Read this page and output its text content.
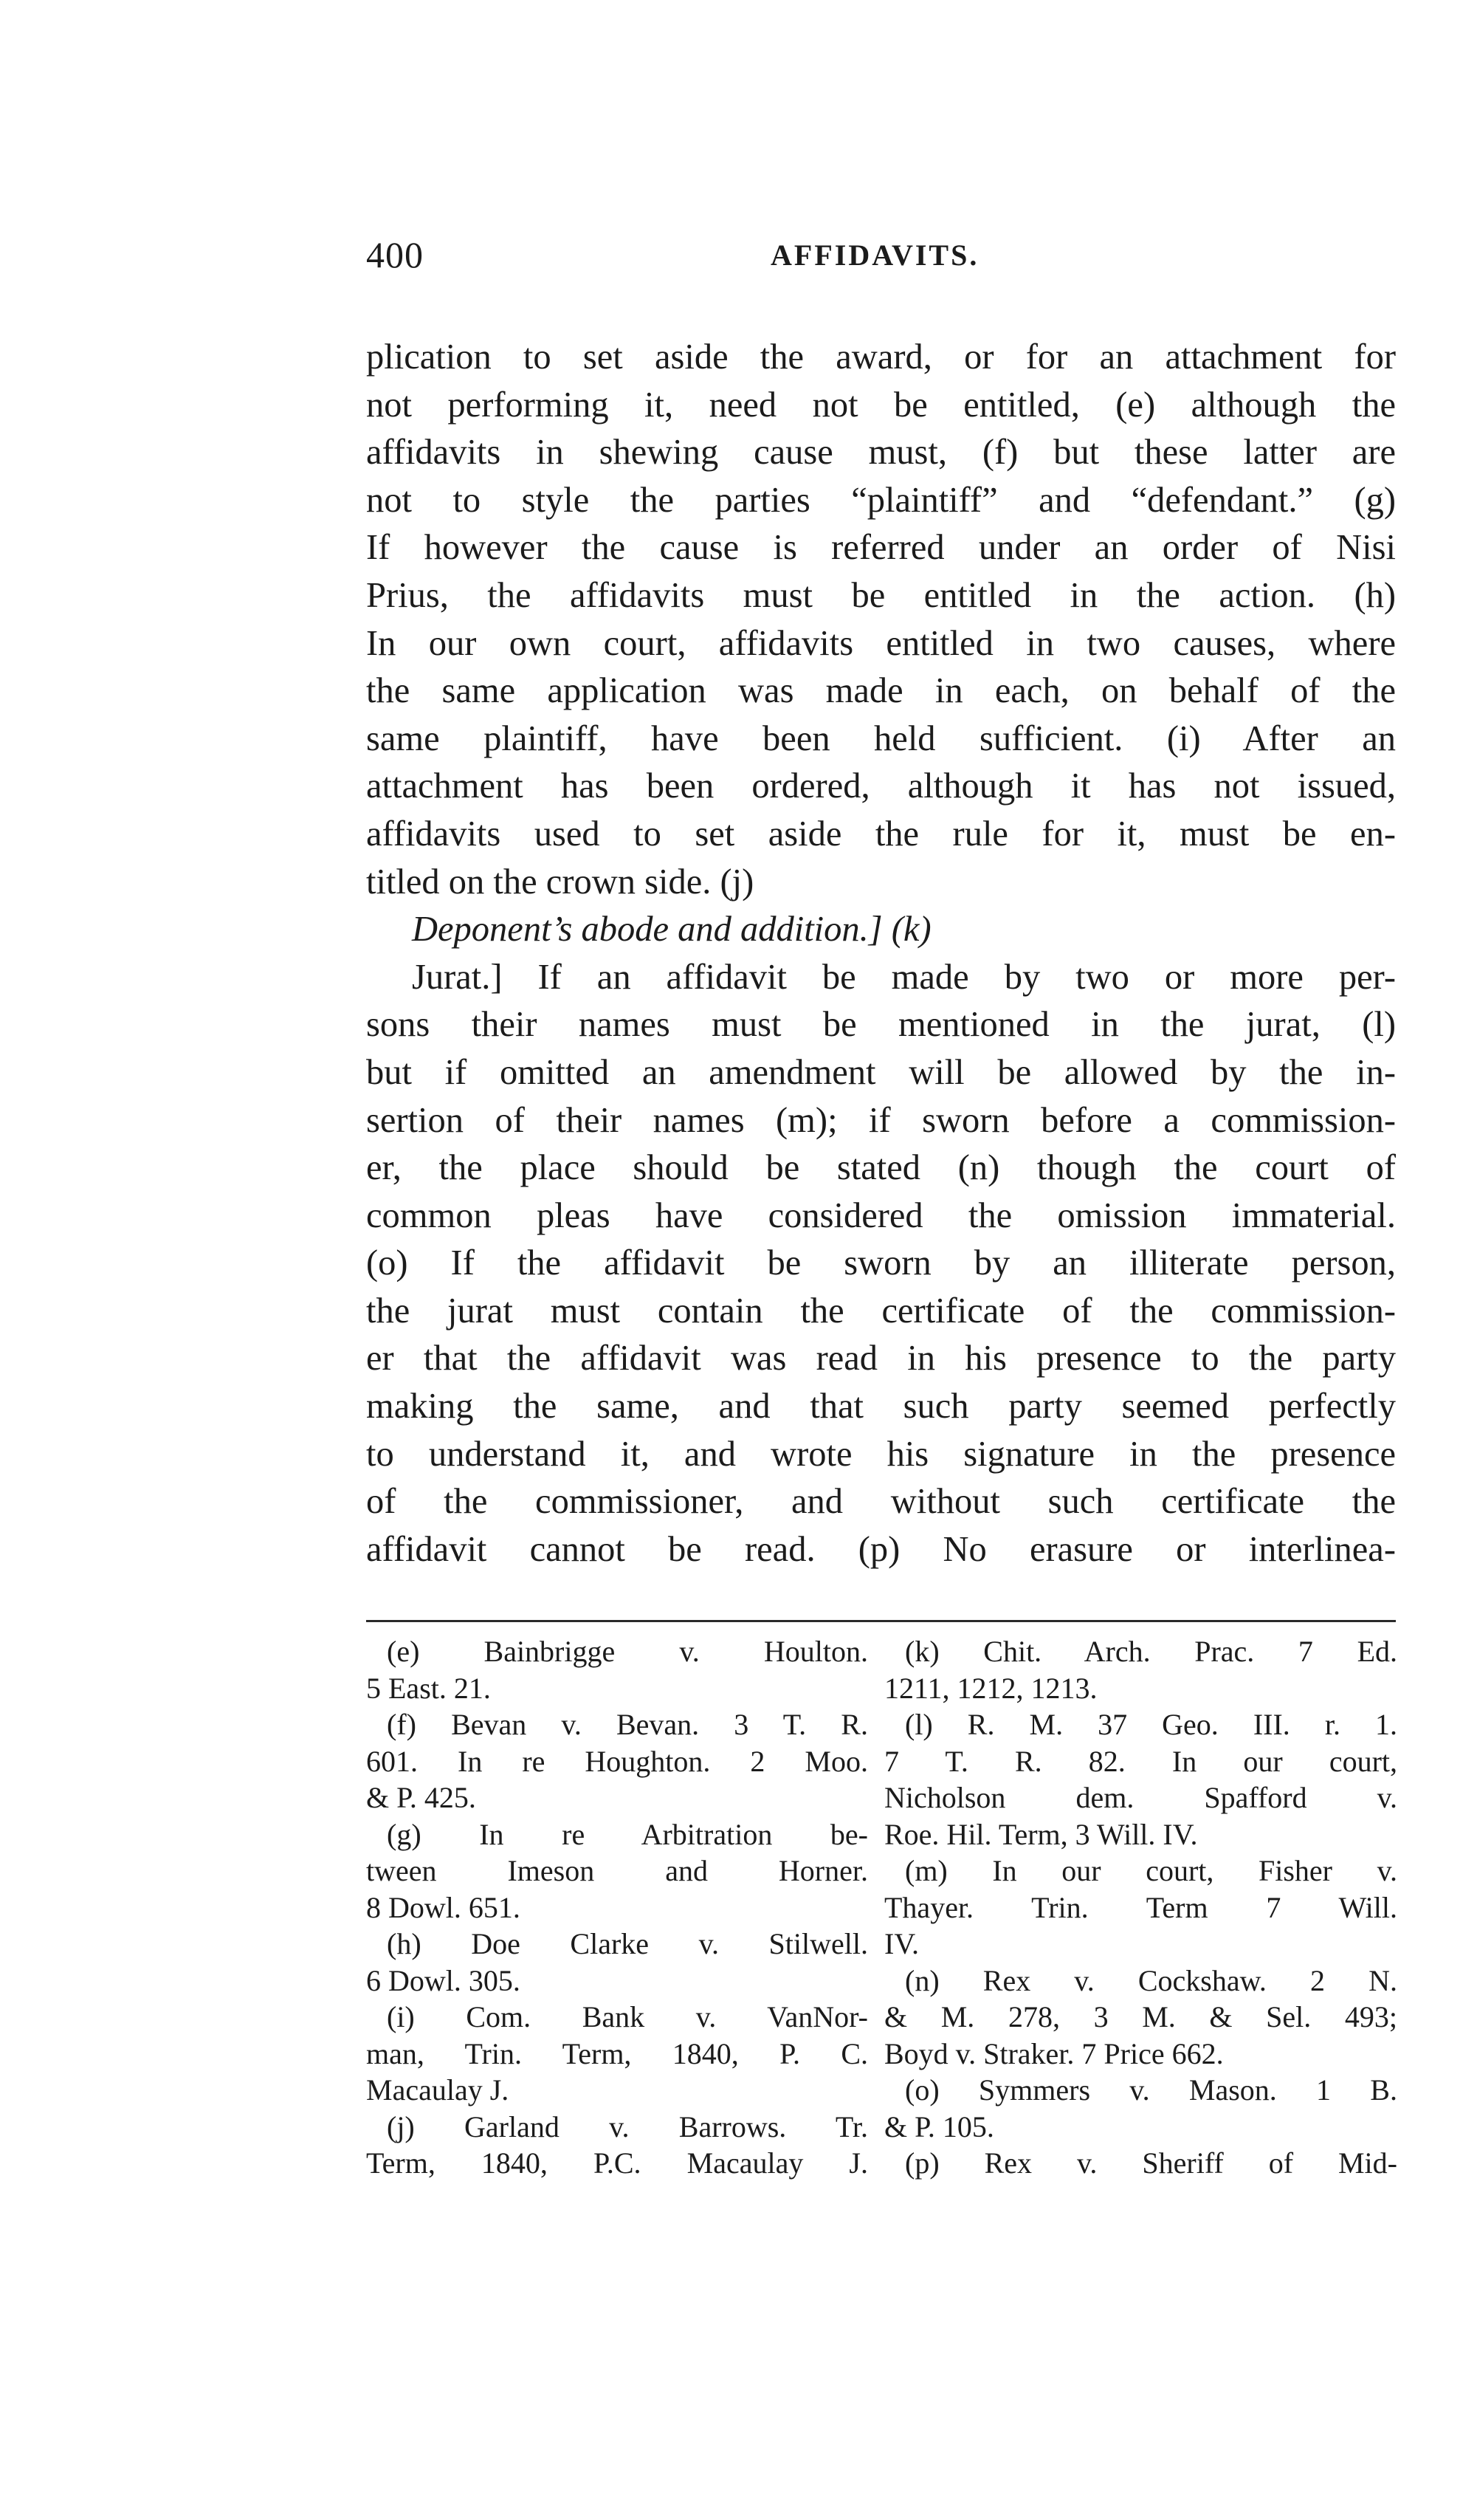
400	AFFIDAVITS.
plication to set aside the award, or for an attachment for
not performing it, need not be entitled, (e) although the
affidavits in shewing cause must, (f) but these latter are
not to style the parties “plaintiff” and “defendant.” (g)
If however the cause is referred under an order of Nisi
Prius, the affidavits must be entitled in the action. (h)
In our own court, affidavits entitled in two causes, where
the same application was made in each, on behalf of the
same plaintiff, have been held sufficient. (i) After an
attachment has been ordered, although it has not issued,
affidavits used to set aside the rule for it, must be en-
titled on the crown side. (j)
Deponent’s abode and addition.] (k)
Jurat.] If an affidavit be made by two or more per-
sons their names must be mentioned in the jurat, (l)
but if omitted an amendment will be allowed by the in-
sertion of their names (m); if sworn before a commission-
er, the place should be stated (n) though the court of
common pleas have considered the omission immaterial.
(o) If the affidavit be sworn by an illiterate person,
the jurat must contain the certificate of the commission-
er that the affidavit was read in his presence to the party
making the same, and that such party seemed perfectly
to understand it, and wrote his signature in the presence
of the commissioner, and without such certificate the
affidavit cannot be read. (p) No erasure or interlinea-
(e) Bainbrigge v. Houlton.
5 East. 21.
(f) Bevan v. Bevan. 3 T. R.
601. In re Houghton. 2 Moo.
& P. 425.
(g) In re Arbitration be-
tween Imeson and Horner.
8 Dowl. 651.
(h) Doe Clarke v. Stilwell.
6 Dowl. 305.
(i) Com. Bank v. VanNor-
man, Trin. Term, 1840, P. C.
Macaulay J.
(j) Garland v. Barrows. Tr.
Term, 1840, P.C. Macaulay J.
(k) Chit. Arch. Prac. 7 Ed.
1211, 1212, 1213.
(l) R. M. 37 Geo. III. r. 1.
7 T. R. 82. In our court,
Nicholson dem. Spafford v.
Roe. Hil. Term, 3 Will. IV.
(m) In our court, Fisher v.
Thayer. Trin. Term 7 Will.
IV.
(n) Rex v. Cockshaw. 2 N.
& M. 278, 3 M. & Sel. 493;
Boyd v. Straker. 7 Price 662.
(o) Symmers v. Mason. 1 B.
& P. 105.
(p) Rex v. Sheriff of Mid-
